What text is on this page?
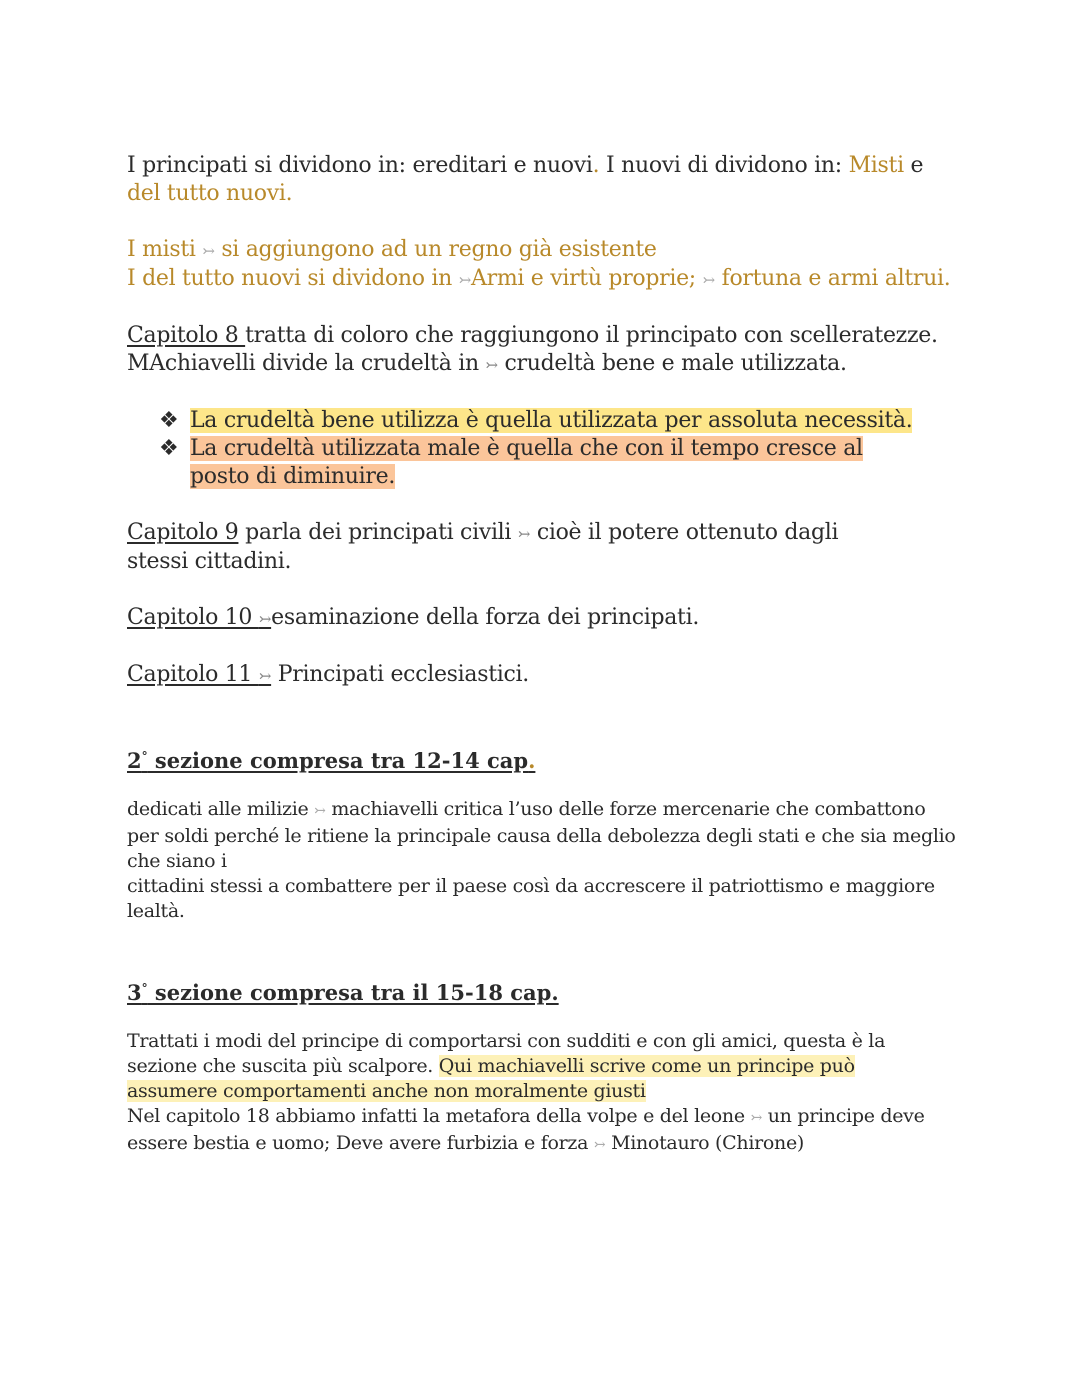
I principati si dividono in: ereditari e nuovi. I nuovi di dividono in: Misti e del tutto nuovi.

I misti ↣ si aggiungono ad un regno già esistente

I del tutto nuovi si dividono in ↣Armi e virtù proprie; ↣ fortuna e armi altrui.

Capitolo 8 tratta di coloro che raggiungono il principato con scelleratezze.

MAchiavelli divide la crudeltà in ↣ crudeltà bene e male utilizzata.

❖ La crudeltà bene utilizza è quella utilizzata per assoluta necessità.
❖ La crudeltà utilizzata male è quella che con il tempo cresce al posto di diminuire.

Capitolo 9 parla dei principati civili ↣ cioè il potere ottenuto dagli stessi cittadini.

Capitolo 10 ↣esaminazione della forza dei principati.

Capitolo 11 ↣ Principati ecclesiastici.

2° sezione compresa tra 12-14 cap.

dedicati alle milizie ↣ machiavelli critica l’uso delle forze mercenarie che combattono per soldi perché le ritiene la principale causa della debolezza degli stati e che sia meglio che siano i

cittadini stessi a combattere per il paese così da accrescere il patriottismo e maggiore lealtà.

3° sezione compresa tra il 15-18 cap.

Trattati i modi del principe di comportarsi con sudditi e con gli amici, questa è la sezione che suscita più scalpore. Qui machiavelli scrive come un principe può assumere comportamenti anche non moralmente giusti

Nel capitolo 18 abbiamo infatti la metafora della volpe e del leone ↣ un principe deve essere bestia e uomo; Deve avere furbizia e forza ↣ Minotauro (Chirone)
